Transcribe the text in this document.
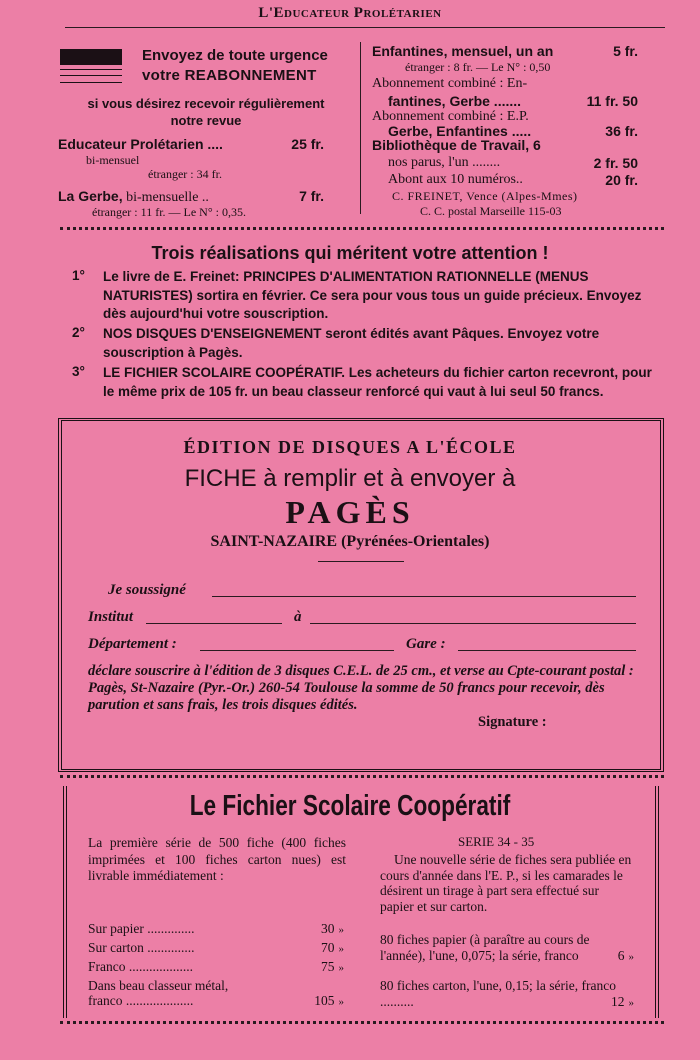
L'Educateur Prolétarien
Envoyez de toute urgence
votre REABONNEMENT
si vous désirez recevoir régulièrement
notre revue
Educateur Prolétarien ....	25 fr.
bi-mensuel
étranger : 34 fr.
La Gerbe, bi-mensuelle ..	7 fr.
étranger : 11 fr. — Le N° : 0,35.
Enfantines, mensuel, un an	5 fr.
étranger : 8 fr. — Le N° : 0,50
Abonnement combiné : En-
fantines, Gerbe .......	11 fr. 50
Abonnement combiné : E.P.
Gerbe, Enfantines .....	36 fr.
Bibliothèque de Travail, 6
nos parus, l'un ........	2 fr. 50
Abont aux 10 numéros..	20 fr.
C. FREINET, Vence (Alpes-Mmes)
C. C. postal Marseille 115-03
Trois réalisations qui méritent votre attention !
1° Le livre de E. Freinet: PRINCIPES D'ALIMENTATION RATIONNELLE (MENUS NATURISTES) sortira en février. Ce sera pour vous tous un guide précieux. Envoyez dès aujourd'hui votre souscription.
2° NOS DISQUES D'ENSEIGNEMENT seront édités avant Pâques. Envoyez votre souscription à Pagès.
3° LE FICHIER SCOLAIRE COOPÉRATIF. Les acheteurs du fichier carton recevront, pour le même prix de 105 fr. un beau classeur renforcé qui vaut à lui seul 50 francs.
ÉDITION DE DISQUES A L'ÉCOLE
FICHE à remplir et à envoyer à
PAGÈS
SAINT-NAZAIRE (Pyrénées-Orientales)
Je soussigné
Institut	à
Département :	Gare :
déclare souscrire à l'édition de 3 disques C.E.L. de 25 cm., et verse au Cpte-courant postal : Pagès, St-Nazaire (Pyr.-Or.) 260-54 Toulouse la somme de 50 francs pour recevoir, dès parution et sans frais, les trois disques édités.
Signature :
Le Fichier Scolaire Coopératif
La première série de 500 fiche (400 fiches imprimées et 100 fiches carton nues) est livrable immédiatement :
Sur papier ..............	30 »
Sur carton ..............	70 »
Franco ...................	75 »
Dans beau classeur métal,
franco ....................	105 »
SERIE 34 - 35
Une nouvelle série de fiches sera publiée en cours d'année dans l'E. P., si les camarades le désirent un tirage à part sera effectué sur papier et sur carton.
80 fiches papier (à paraître au cours de l'année), l'une, 0,075; la série, franco	6 »
80 fiches carton, l'une, 0,15; la série, franco ..........	12 »
